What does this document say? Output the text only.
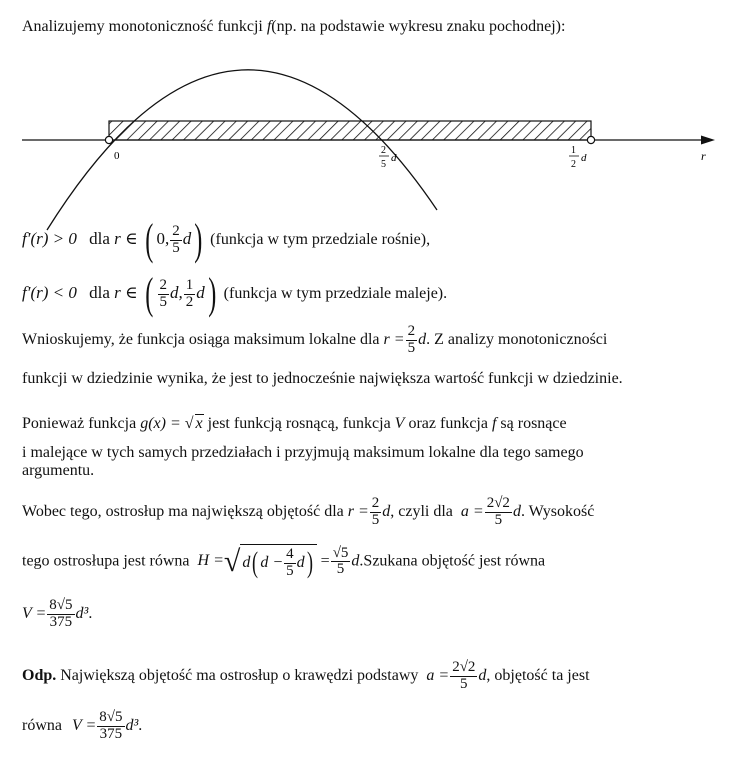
Analizujemy monotoniczność funkcji f(np. na podstawie wykresu znaku pochodnej):
0	2
5
d
1
2
d	r
f′(r) > 0 dla r ∈ ( 0, $\frac{2}{5} d$) (funkcja w tym przedziale rośnie),
f′(r) < 0 dla r ∈ ( $\frac{2}{5} d$, $\frac{1}{2} d$) (funkcja w tym przedziale maleje).
Wnioskujemy, że funkcja osiąga maksimum lokalne dla $r = \frac{2}{5} d$. Z analizy monotoniczności
funkcji w dziedzinie wynika, że jest to jednocześnie największa wartość funkcji w dziedzinie.
Ponieważ funkcja g(x) = √ x jest funkcją rosnącą, funkcja V oraz funkcja f są rosnące
i malejące w tych samych przedziałach i przyjmują maksimum lokalne dla tego samego
argumentu.
Wobec tego, ostrosłup ma największą objętość dla $r = \frac{2}{5} d$, czyli dla $a = \frac{2√2}{5} d$. Wysokość
tego ostrosłupa jest równa H =√ d( $d - \frac{4}{5} d) = \frac{√5}{5}$ d.Szukana objętość jest równa
$V = \frac{8√5}{375} d^3$.
Odp. Największą objętość ma ostrosłup o krawędzi podstawy $a = \frac{2√2}{5} d$, objętość ta jest
równa $V = \frac{8√5}{375} d^3$.
